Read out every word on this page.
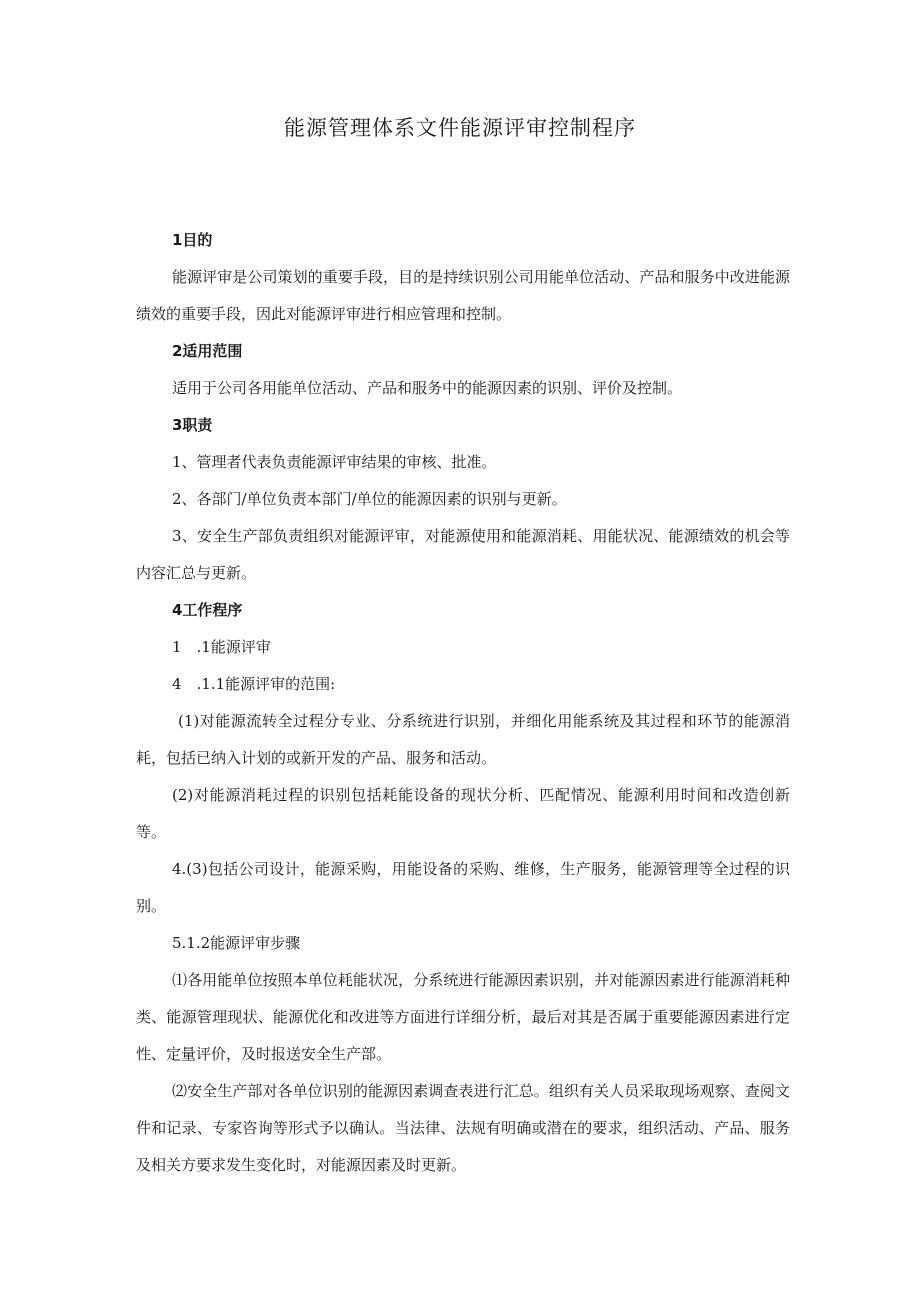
能源管理体系文件能源评审控制程序

1目的

能源评审是公司策划的重要手段，目的是持续识别公司用能单位活动、产品和服务中改进能源绩效的重要手段，因此对能源评审进行相应管理和控制。

2适用范围

适用于公司各用能单位活动、产品和服务中的能源因素的识别、评价及控制。

3职责

1、管理者代表负责能源评审结果的审核、批准。

2、各部门/单位负责本部门/单位的能源因素的识别与更新。

3、安全生产部负责组织对能源评审，对能源使用和能源消耗、用能状况、能源绩效的机会等内容汇总与更新。

4工作程序

1　.1能源评审

4　.1.1能源评审的范围:

(1)对能源流转全过程分专业、分系统进行识别，并细化用能系统及其过程和环节的能源消耗，包括已纳入计划的或新开发的产品、服务和活动。

(2)对能源消耗过程的识别包括耗能设备的现状分析、匹配情况、能源利用时间和改造创新等。

4.(3)包括公司设计，能源采购，用能设备的采购、维修，生产服务，能源管理等全过程的识别。

5.1.2能源评审步骤

⑴各用能单位按照本单位耗能状况，分系统进行能源因素识别，并对能源因素进行能源消耗种类、能源管理现状、能源优化和改进等方面进行详细分析，最后对其是否属于重要能源因素进行定性、定量评价，及时报送安全生产部。

⑵安全生产部对各单位识别的能源因素调查表进行汇总。组织有关人员采取现场观察、查阅文件和记录、专家咨询等形式予以确认。当法律、法规有明确或潜在的要求，组织活动、产品、服务及相关方要求发生变化时，对能源因素及时更新。
